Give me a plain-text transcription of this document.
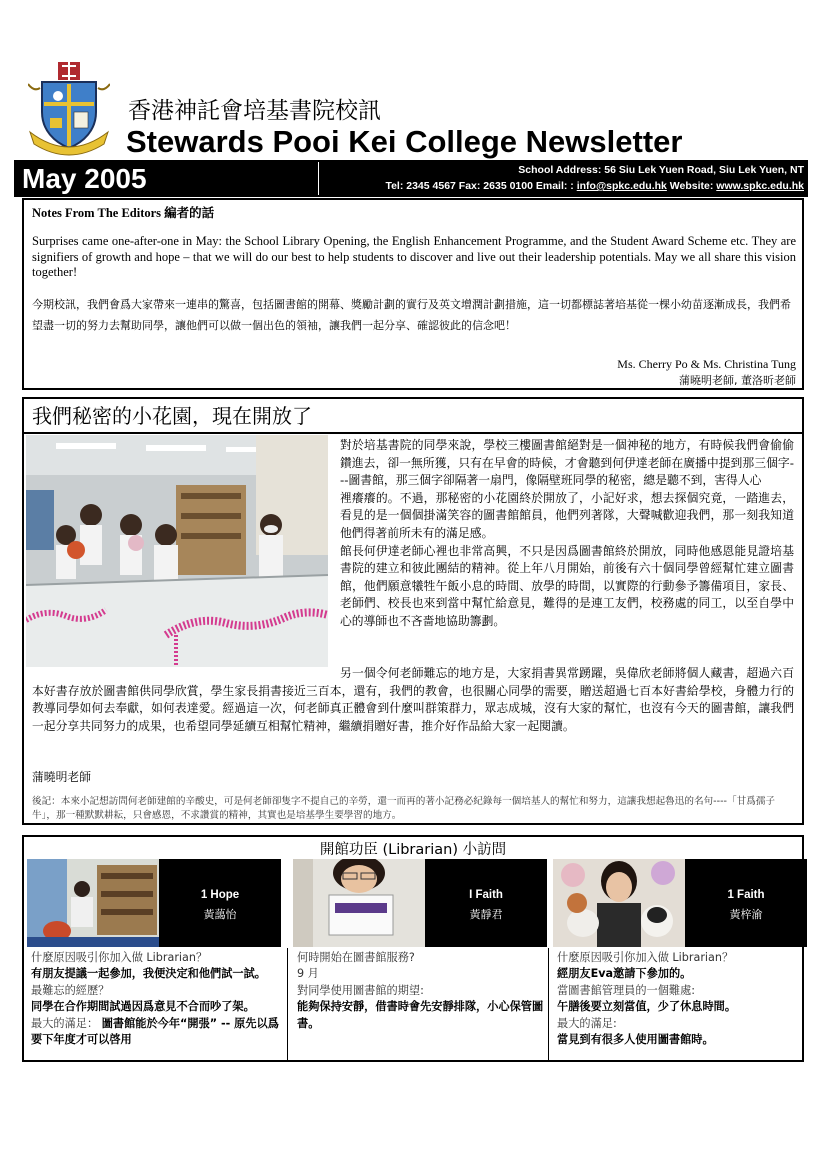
香港神託會培基書院校訊
Stewards Pooi Kei College Newsletter
May 2005	School Address: 56 Siu Lek Yuen Road, Siu Lek Yuen, NT
Tel: 2345 4567 Fax: 2635 0100 Email: : info@spkc.edu.hk Website: www.spkc.edu.hk
Notes From The Editors 編者的話
Surprises came one-after-one in May: the School Library Opening, the English Enhancement Programme, and the Student Award Scheme etc. They are signifiers of growth and hope – that we will do our best to help students to discover and live out their leadership potentials. May we all share this vision together!
今期校訊，我們會爲大家帶來一連串的驚喜，包括圖書館的開幕、獎勵計劃的實行及英文增潤計劃措施，這一切都標誌著培基從一棵小幼苗逐漸成長，我們希望盡一切的努力去幫助同學，讓他們可以做一個出色的領袖，讓我們一起分享、確認彼此的信念吧！
Ms. Cherry Po & Ms. Christina Tung
蒲曉明老師, 董洛昕老師
我們秘密的小花園，現在開放了

對於培基書院的同學來說，學校三樓圖書館絕對是一個神秘的地方，有時候我們會偷偷鑽進去，卻一無所獲，只有在早會的時候，才會聽到何伊達老師在廣播中提到那三個字---圖書館，那三個字卻隔著一扇門，像隔壁班同學的秘密，總是聽不到，害得人心

裡癢癢的。不過，那秘密的小花園終於開放了，小記好求，想去探個究竟，一踏進去，看見的是一個個掛滿笑容的圖書館館員，他們列著隊，大聲喊歡迎我們，那一刻我知道他們得著前所未有的滿足感。

館長何伊達老師心裡也非常高興，不只是因爲圖書館終於開放，同時他感恩能見證培基書院的建立和彼此團結的精神。從上年八月開始，前後有六十個同學曾經幫忙建立圖書館，他們願意犧牲午飯小息的時間、放學的時間，以實際的行動參予籌備項目，家長、老師們、校長也來到當中幫忙給意見，難得的是連工友們，校務處的同工，以至自學中心的導師也不吝嗇地協助籌劃。

另一個令何老師難忘的地方是，大家捐書異常踴躍，吳偉欣老師將個人藏書，超過六百本好書存放於圖書館供同學欣賞，學生家長捐書接近三百本，還有，我們的教會，也很關心同學的需要，贈送超過七百本好書給學校，身體力行的教導同學如何去奉獻，如何表達愛。經過這一次，何老師真正體會到什麼叫群策群力，眾志成城，沒有大家的幫忙，也沒有今天的圖書館，讓我們一起分享共同努力的成果，也希望同學延續互相幫忙精神，繼續捐贈好書，推介好作品給大家一起閱讀。

蒲曉明老師
後記：本來小記想訪問何老師建館的辛酸史，可是何老師卻隻字不提自己的辛勞，還一而再的著小記務必紀錄每一個培基人的幫忙和努力，這讓我想起魯迅的名句----「甘爲孺子牛」，那一種默默耕耘，只會感恩，不求讚賞的精神，其實也是培基學生要學習的地方。
開館功臣 (Librarian) 小訪問
1 Hope
黃藹怡
什麼原因吸引你加入做 Librarian？
有朋友提議一起參加，我便決定和他們試一試。
最難忘的經歷？
同學在合作期間試過因爲意見不合而吵了架。
最大的滿足： 圖書館能於今年“開張” -- 原先以爲要下年度才可以啓用
I Faith
黃靜君
何時開始在圖書館服務?
9 月
對同學使用圖書館的期望:
能夠保持安靜，借書時會先安靜排隊，小心保管圖書。
1 Faith
黃梓渝
什麼原因吸引你加入做 Librarian？
經朋友Eva邀請下參加的。
當圖書館管理員的一個難處:
午膳後要立刻當值，少了休息時間。
最大的滿足:
當見到有很多人使用圖書館時。
